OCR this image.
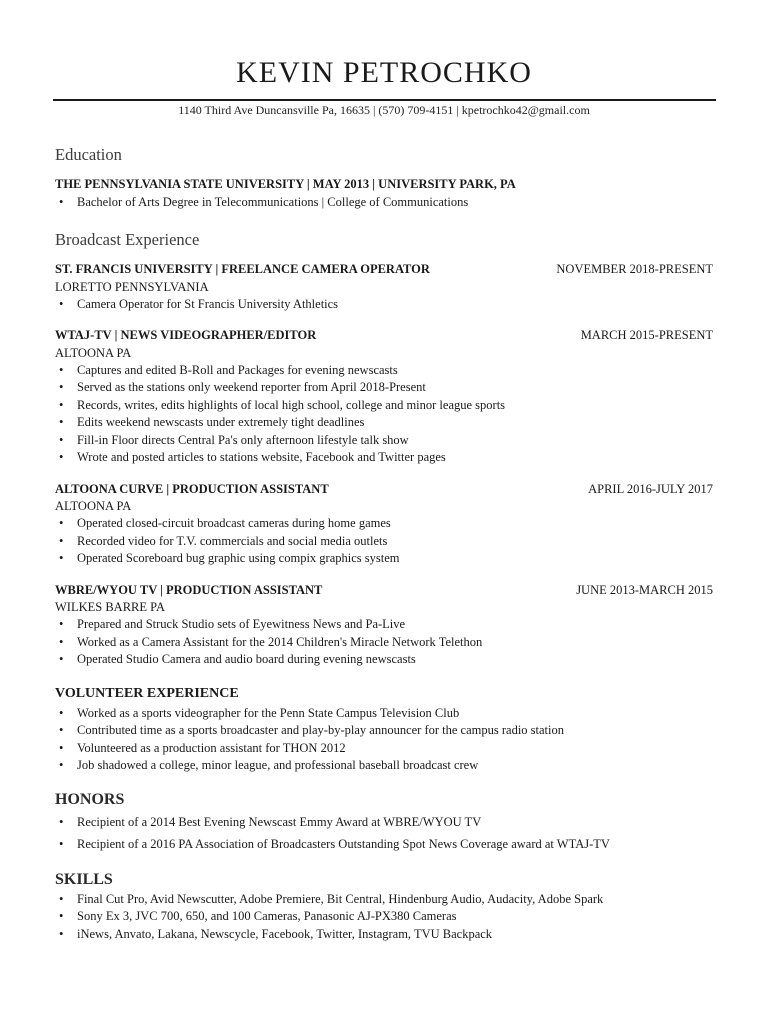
KEVIN PETROCHKO
1140 Third Ave Duncansville Pa, 16635 | (570) 709-4151 | kpetrochko42@gmail.com
Education
THE PENNSYLVANIA STATE UNIVERSITY | MAY 2013 | UNIVERSITY PARK, PA
• Bachelor of Arts Degree in Telecommunications | College of Communications
Broadcast Experience
ST. FRANCIS UNIVERSITY | FREELANCE CAMERA OPERATOR	NOVEMBER 2018-PRESENT
LORETTO PENNSYLVANIA
• Camera Operator for St Francis University Athletics
WTAJ-TV | NEWS VIDEOGRAPHER/EDITOR	MARCH 2015-PRESENT
ALTOONA PA
• Captures and edited B-Roll and Packages for evening newscasts
• Served as the stations only weekend reporter from April 2018-Present
• Records, writes, edits highlights of local high school, college and minor league sports
• Edits weekend newscasts under extremely tight deadlines
• Fill-in Floor directs Central Pa's only afternoon lifestyle talk show
• Wrote and posted articles to stations website, Facebook and Twitter pages
ALTOONA CURVE | PRODUCTION ASSISTANT	APRIL 2016-JULY 2017
ALTOONA PA
• Operated closed-circuit broadcast cameras during home games
• Recorded video for T.V. commercials and social media outlets
• Operated Scoreboard bug graphic using compix graphics system
WBRE/WYOU TV | PRODUCTION ASSISTANT	JUNE 2013-MARCH 2015
WILKES BARRE PA
• Prepared and Struck Studio sets of Eyewitness News and Pa-Live
• Worked as a Camera Assistant for the 2014 Children's Miracle Network Telethon
• Operated Studio Camera and audio board during evening newscasts
VOLUNTEER EXPERIENCE
• Worked as a sports videographer for the Penn State Campus Television Club
• Contributed time as a sports broadcaster and play-by-play announcer for the campus radio station
• Volunteered as a production assistant for THON 2012
• Job shadowed a college, minor league, and professional baseball broadcast crew
HONORS
• Recipient of a 2014 Best Evening Newscast Emmy Award at WBRE/WYOU TV
• Recipient of a 2016 PA Association of Broadcasters Outstanding Spot News Coverage award at WTAJ-TV
SKILLS
• Final Cut Pro, Avid Newscutter, Adobe Premiere, Bit Central, Hindenburg Audio, Audacity, Adobe Spark
• Sony Ex 3, JVC 700, 650, and 100 Cameras, Panasonic AJ-PX380 Cameras
• iNews, Anvato, Lakana, Newscycle, Facebook, Twitter, Instagram, TVU Backpack
